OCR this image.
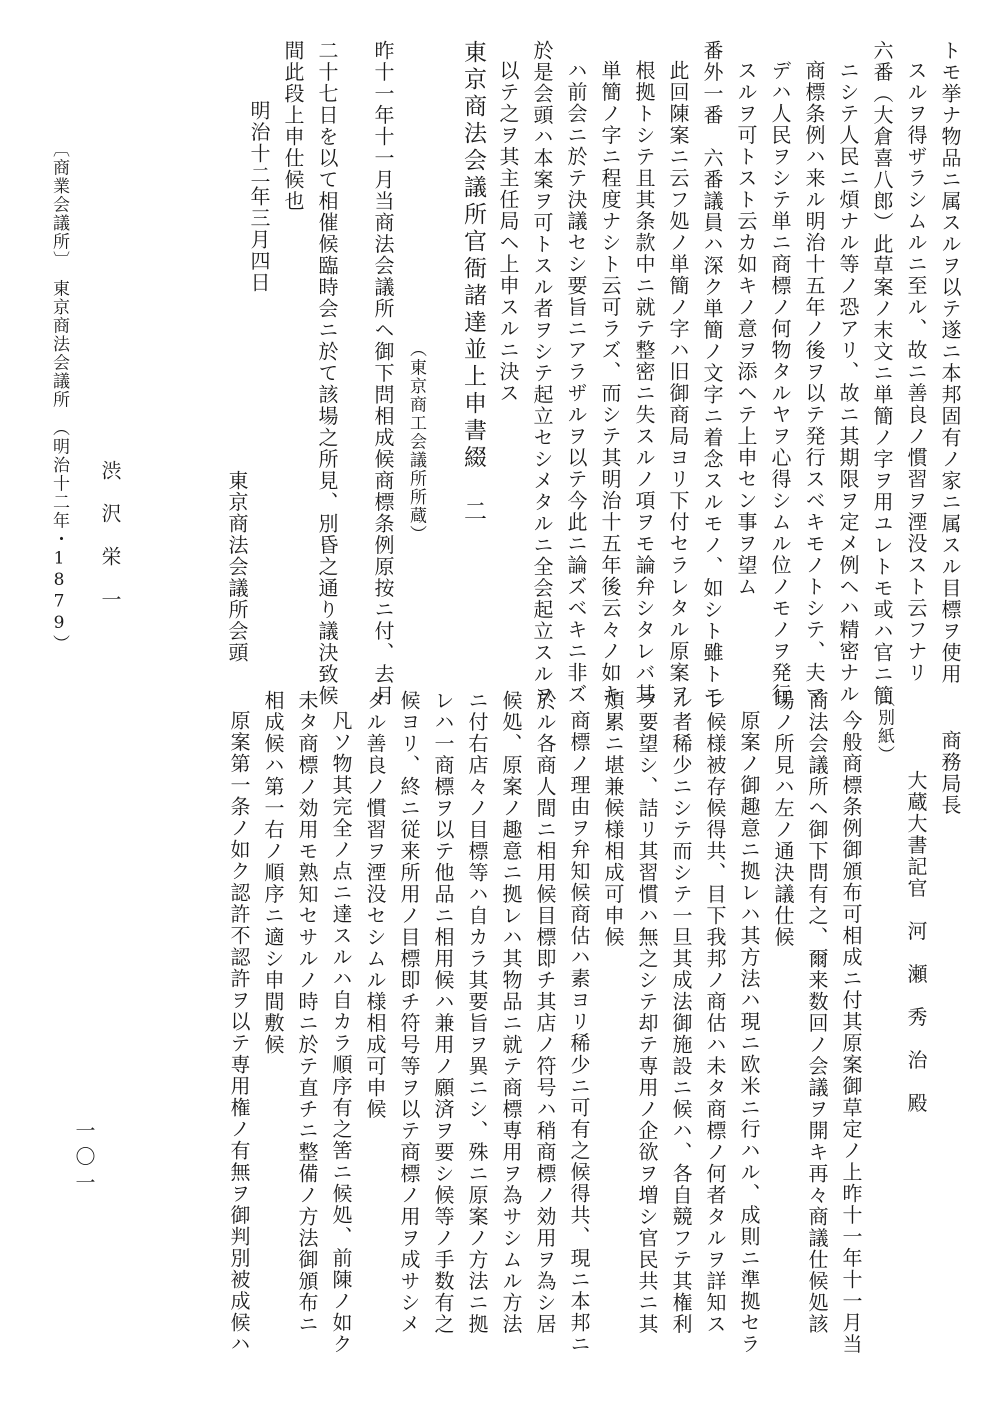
トモ挙ナ物品ニ属スルヲ以テ遂ニ本邦固有ノ家ニ属スル目標ヲ使用
スルヲ得ザラシムルニ至ル、故ニ善良ノ慣習ヲ湮没スト云フナリ
六番（大倉喜八郎）此草案ノ末文ニ単簡ノ字ヲ用ユレトモ或ハ官ニ簡
ニシテ人民ニ煩ナル等ノ恐アリ、故ニ其期限ヲ定メ例ヘハ精密ナル
商標条例ハ来ル明治十五年ノ後ヲ以テ発行スベキモノトシテ、夫マ
デハ人民ヲシテ単ニ商標ノ何物タルヤヲ心得シムル位ノモノヲ発行
スルヲ可トスト云カ如キノ意ヲ添ヘテ上申セン事ヲ望ム
番外一番　六番議員ハ深ク単簡ノ文字ニ着念スルモノ、如シト雖トモ
此回陳案ニ云フ処ノ単簡ノ字ハ旧御商局ヨリ下付セラレタル原案ヲ
根拠トシテ且其条款中ニ就テ整密ニ失スルノ項ヲモ論弁シタレバ其
単簡ノ字ニ程度ナシト云可ラズ、而シテ其明治十五年後云々ノ如キ
ハ前会ニ於テ決議セシ要旨ニアラザルヲ以テ今此ニ論ズベキニ非ズ
於是会頭ハ本案ヲ可トスル者ヲシテ起立セシメタルニ全会起立スルヲ
以テ之ヲ其主任局ヘ上申スルニ決ス
東京商法会議所官衙諸達並上申書綴　二
（東京商工会議所所蔵）
昨十一年十一月当商法会議所ヘ御下問相成候商標条例原按ニ付、去月
二十七日を以て相催候臨時会ニ於て該場之所見、別昏之通り議決致候
間此段上申仕候也
明治十二年三月四日
東京商法会議所会頭
渋　沢　栄　一
〔商業会議所〕　東京商法会議所　（明治十二年・1879）
商務局長
大蔵大書記官　河　瀬　秀　治　殿
（別紙）
今般商標条例御頒布可相成ニ付其原案御草定ノ上昨十一年十一月当
商法会議所ヘ御下問有之、爾来数回ノ会議ヲ開キ再々商議仕候処該
場ノ所見ハ左ノ通決議仕候
原案ノ御趣意ニ拠レハ其方法ハ現ニ欧米ニ行ハル、成則ニ準拠セラ
レ候様被存候得共、目下我邦ノ商估ハ未タ商標ノ何者タルヲ詳知ス
ル者稀少ニシテ而シテ一旦其成法御施設ニ候ハ、各自競フテ其権利
ヲ要望シ、詰リ其習慣ハ無之シテ却テ専用ノ企欲ヲ増シ官民共ニ其
煩累ニ堪兼候様相成可申候
商標ノ理由ヲ弁知候商估ハ素ヨリ稀少ニ可有之候得共、現ニ本邦ニ
於ル各商人間ニ相用候目標即チ其店ノ符号ハ稍商標ノ効用ヲ為シ居
候処、原案ノ趣意ニ拠レハ其物品ニ就テ商標専用ヲ為サシムル方法
ニ付右店々ノ目標等ハ自カラ其要旨ヲ異ニシ、殊ニ原案ノ方法ニ拠
レハ一商標ヲ以テ他品ニ相用候ハ兼用ノ願済ヲ要シ候等ノ手数有之
候ヨリ、終ニ従来所用ノ目標即チ符号等ヲ以テ商標ノ用ヲ成サシメ
タル善良ノ慣習ヲ湮没セシムル様相成可申候
凡ソ物其完全ノ点ニ達スルハ自カラ順序有之筈ニ候処、前陳ノ如ク
未タ商標ノ効用モ熟知セサルノ時ニ於テ直チニ整備ノ方法御頒布ニ
相成候ハ第一右ノ順序ニ適シ申間敷候
原案第一条ノ如ク認許不認許ヲ以テ専用権ノ有無ヲ御判別被成候ハ
一〇一
